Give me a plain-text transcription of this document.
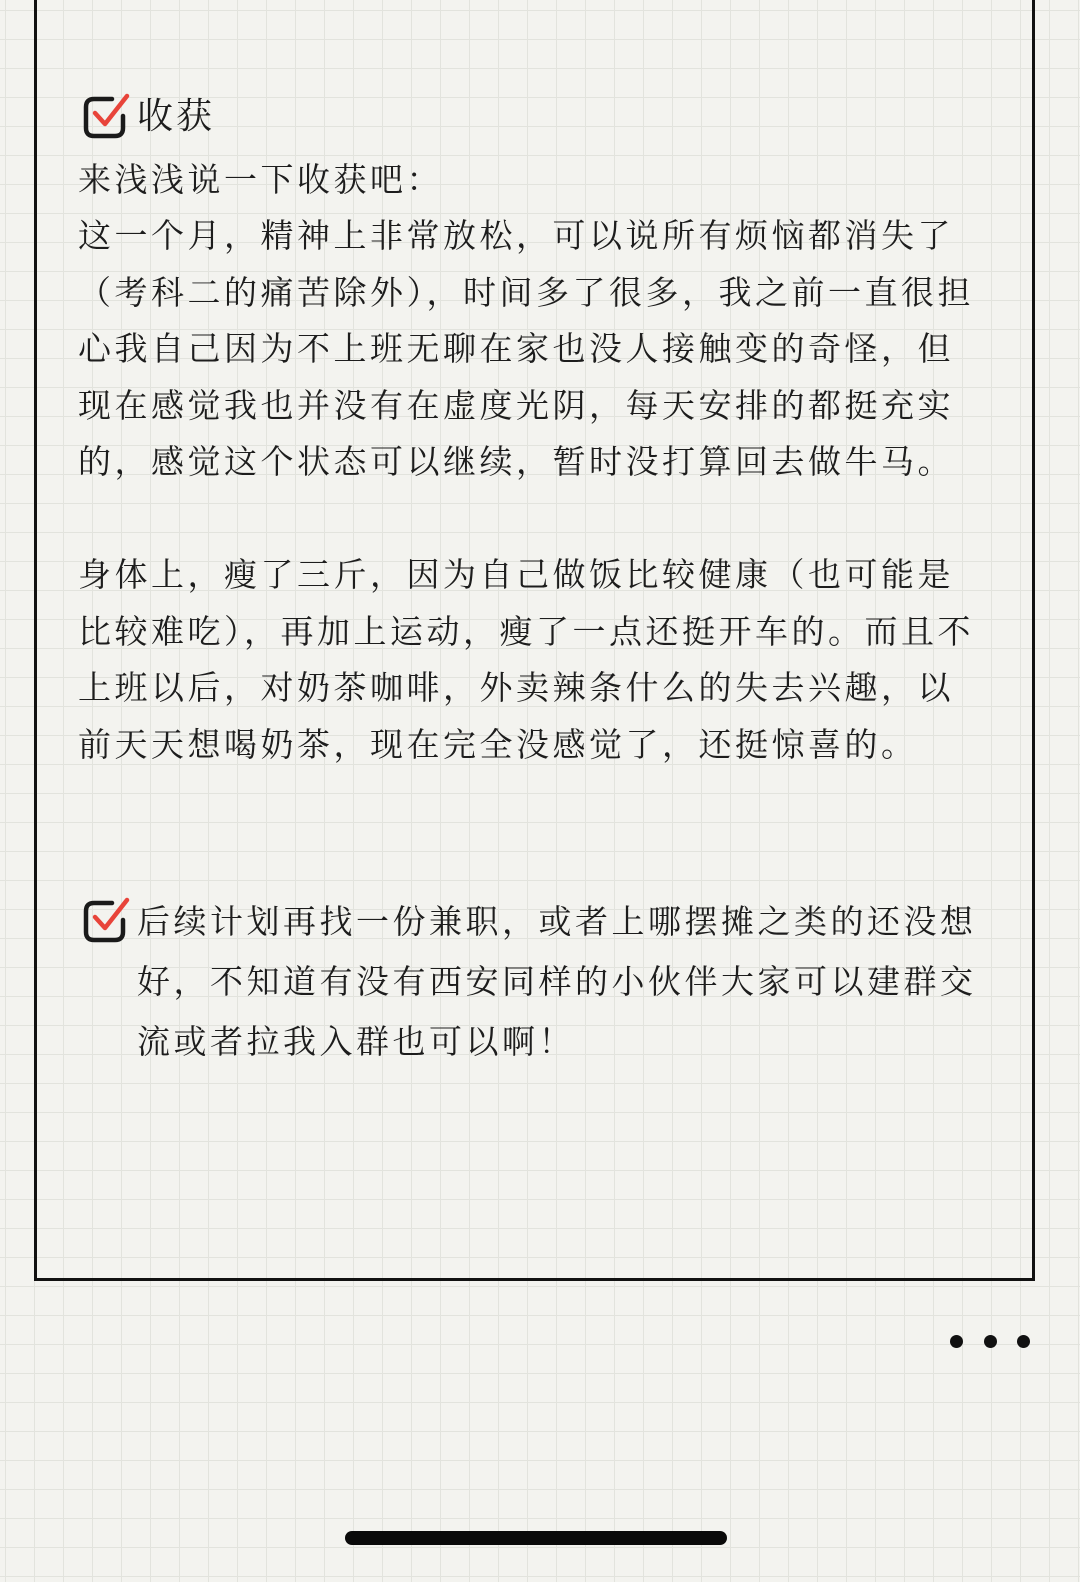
收获

来浅浅说一下收获吧：

这一个月，精神上非常放松，可以说所有烦恼都消失了（考科二的痛苦除外），时间多了很多，我之前一直很担心我自己因为不上班无聊在家也没人接触变的奇怪，但现在感觉我也并没有在虚度光阴，每天安排的都挺充实的，感觉这个状态可以继续，暂时没打算回去做牛马。

身体上，瘦了三斤，因为自己做饭比较健康（也可能是比较难吃），再加上运动，瘦了一点还挺开车的。而且不上班以后，对奶茶咖啡，外卖辣条什么的失去兴趣，以前天天想喝奶茶，现在完全没感觉了，还挺惊喜的。

后续计划再找一份兼职，或者上哪摆摊之类的还没想好，不知道有没有西安同样的小伙伴大家可以建群交流或者拉我入群也可以啊！
